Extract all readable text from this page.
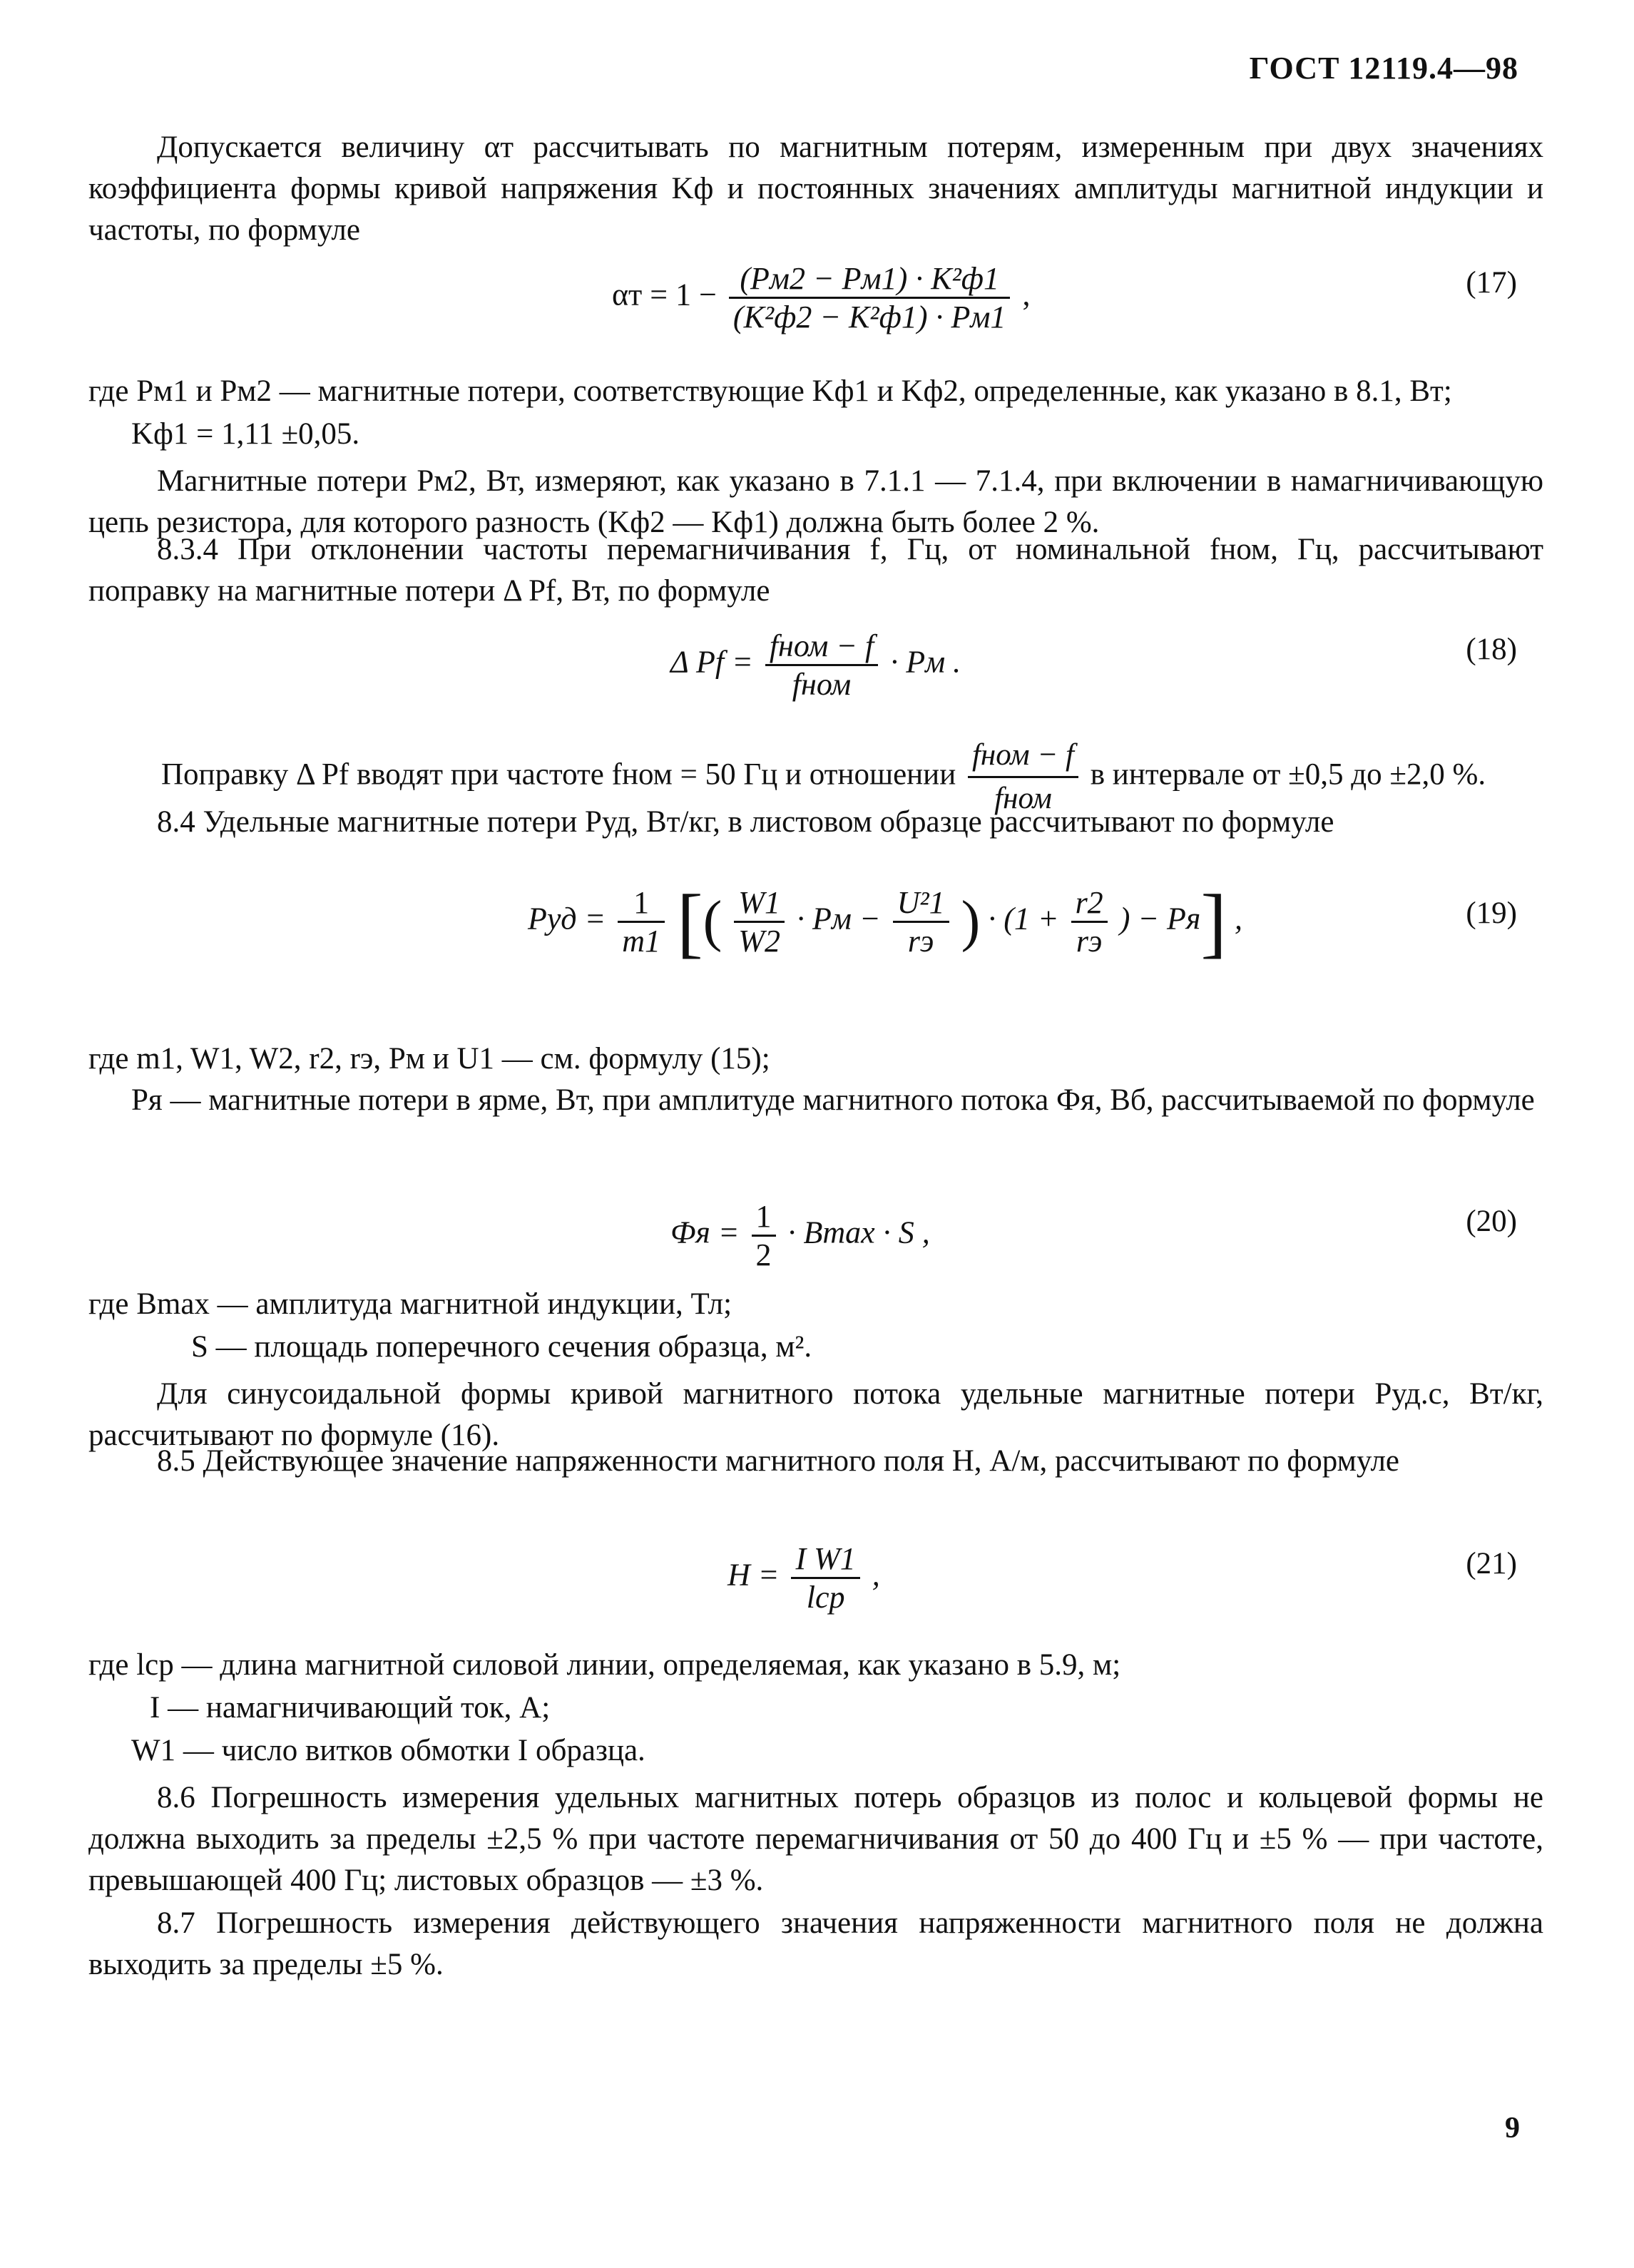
ГОСТ 12119.4—98
Допускается величину αт рассчитывать по магнитным потерям, измеренным при двух значениях коэффициента формы кривой напряжения Kф и постоянных значениях амплитуды магнитной индукции и частоты, по формуле
$\alpha т = 1 - \frac{\text{(Pм2 − Pм1) · K²ф1}}{\text{(K²ф2 − K²ф1) · Pм1}}$ ,	(17)
где Pм1 и Pм2 — магнитные потери, соответствующие Kф1 и Kф2, определенные, как указано в 8.1, Вт;
Kф1 = 1,11 ±0,05.
Магнитные потери Pм2, Вт, измеряют, как указано в 7.1.1 — 7.1.4, при включении в намагничивающую цепь резистора, для которого разность (Kф2 — Kф1) должна быть более 2 %.
8.3.4 При отклонении частоты перемагничивания f, Гц, от номинальной fном, Гц, рассчитывают поправку на магнитные потери Δ Pf, Вт, по формуле
Δ $Pf = \frac{\text{fном − f}}{\text{fном}}$ · Pм .	(18)
Поправку Δ Pf вводят при частоте fном = 50 Гц и отношении $\frac{\text{fном − f}}{\text{fном}}$ в интервале от ±0,5 до ±2,0 %.
8.4 Удельные магнитные потери Pуд, Вт/кг, в листовом образце рассчитывают по формуле
Pуд = $\frac{1}{m1}$ [( $\frac{W1}{W2}$ · Pм − $\frac{\text{U²1}}{rэ}$ ) · ($1 + \frac{r2}{rэ}$ ) − Pя] ,	(19)
где m1, W1, W2, r2, rэ, Pм и U1 — см. формулу (15);
Pя — магнитные потери в ярме, Вт, при амплитуде магнитного потока Фя, Вб, рассчитываемой по формуле
Фя = $\frac{1}{2} \cdot Bmax \cdot S$ ,	(20)
где Bmax — амплитуда магнитной индукции, Тл;
S — площадь поперечного сечения образца, м².
Для синусоидальной формы кривой магнитного потока удельные магнитные потери Pуд.с, Вт/кг, рассчитывают по формуле (16).
8.5 Действующее значение напряженности магнитного поля H, А/м, рассчитывают по формуле
$H = \frac{\text{I W1}}{\text{lср}}$ ,	(21)
где lср — длина магнитной силовой линии, определяемая, как указано в 5.9, м;
I — намагничивающий ток, А;
W1 — число витков обмотки I образца.
8.6 Погрешность измерения удельных магнитных потерь образцов из полос и кольцевой формы не должна выходить за пределы ±2,5 % при частоте перемагничивания от 50 до 400 Гц и ±5 % — при частоте, превышающей 400 Гц; листовых образцов — ±3 %.
8.7 Погрешность измерения действующего значения напряженности магнитного поля не должна выходить за пределы ±5 %.
9
